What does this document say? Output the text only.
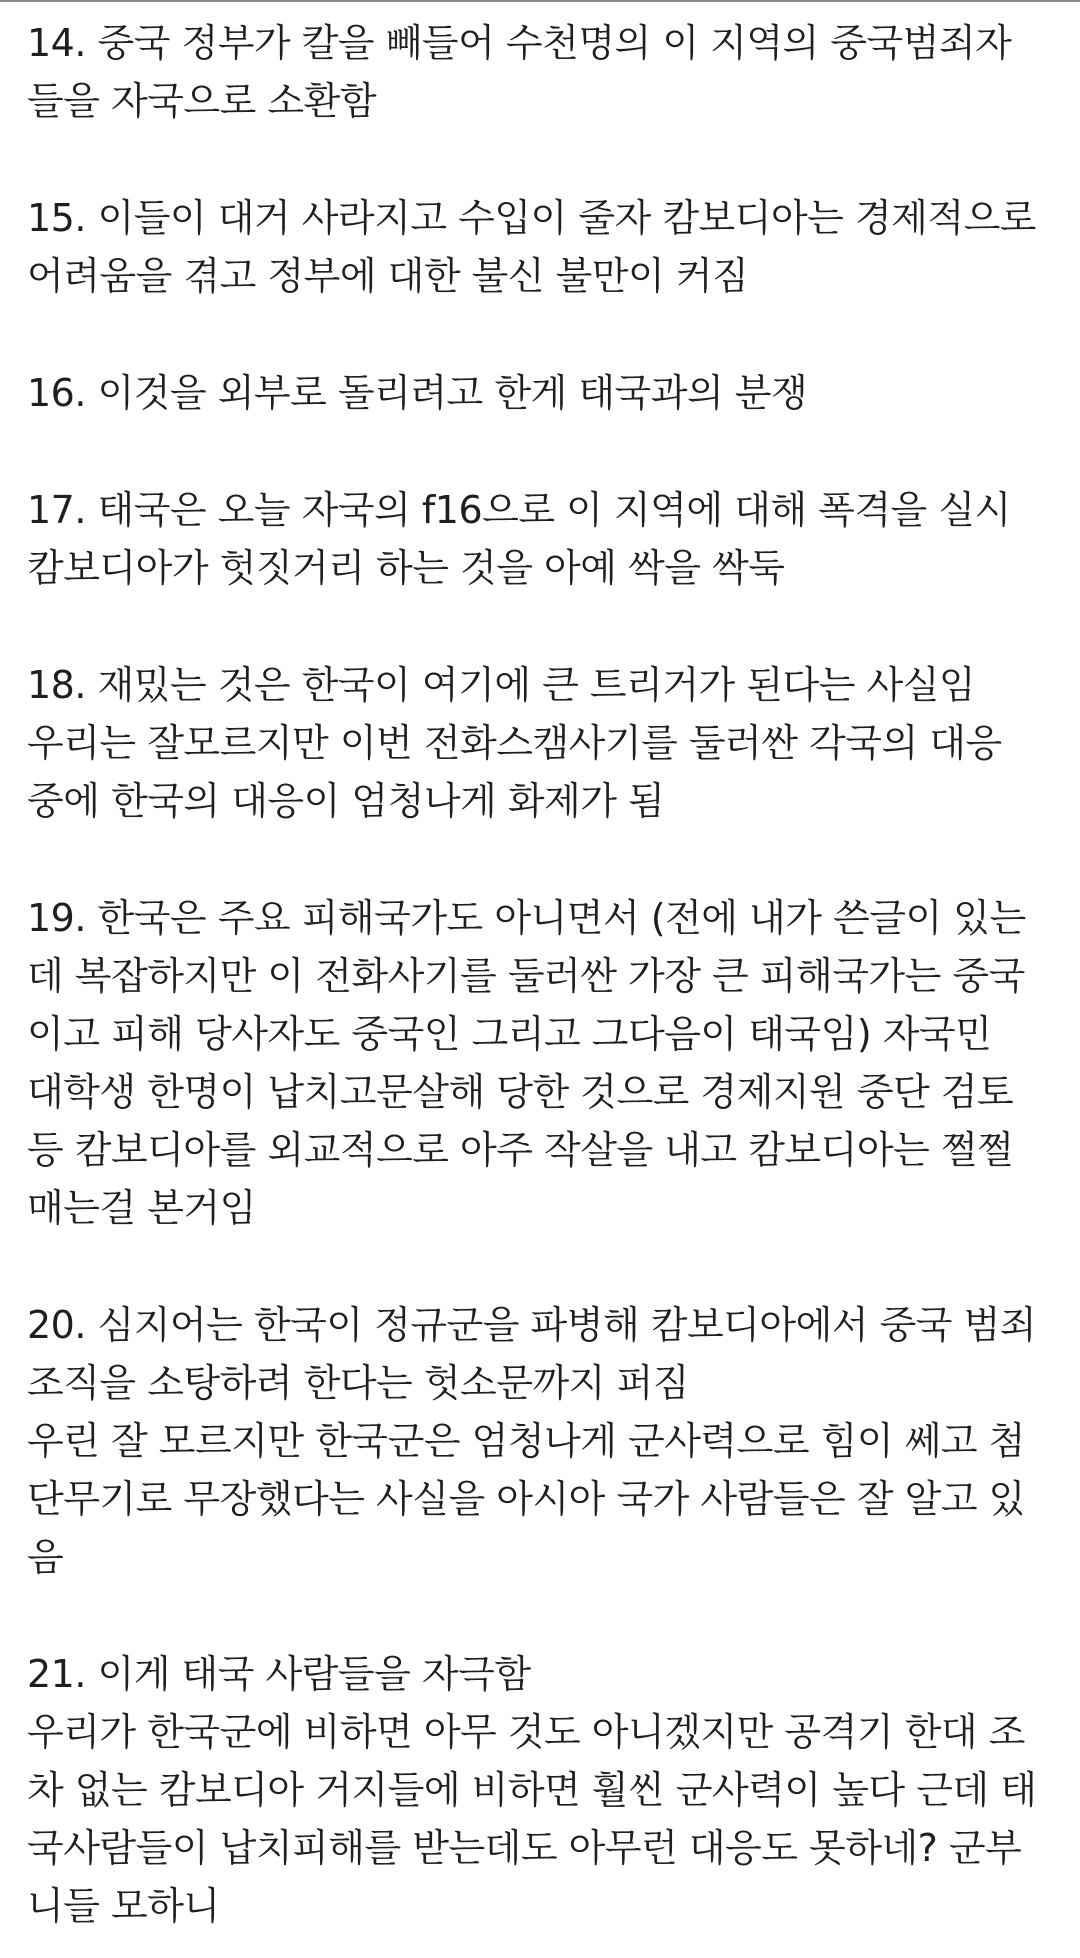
14. 중국 정부가 칼을 빼들어 수천명의 이 지역의 중국범죄자
들을 자국으로 소환함
15. 이들이 대거 사라지고 수입이 줄자 캄보디아는 경제적으로
어려움을 겪고 정부에 대한 불신 불만이 커짐
16. 이것을 외부로 돌리려고 한게 태국과의 분쟁
17. 태국은 오늘 자국의 f16으로 이 지역에 대해 폭격을 실시
캄보디아가 헛짓거리 하는 것을 아예 싹을 싹둑
18. 재밌는 것은 한국이 여기에 큰 트리거가 된다는 사실임
우리는 잘모르지만 이번 전화스캠사기를 둘러싼 각국의 대응
중에 한국의 대응이 엄청나게 화제가 됨
19. 한국은 주요 피해국가도 아니면서 (전에 내가 쓴글이 있는
데 복잡하지만 이 전화사기를 둘러싼 가장 큰 피해국가는 중국
이고 피해 당사자도 중국인 그리고 그다음이 태국임) 자국민
대학생 한명이 납치고문살해 당한 것으로 경제지원 중단 검토
등 캄보디아를 외교적으로 아주 작살을 내고 캄보디아는 쩔쩔
매는걸 본거임
20. 심지어는 한국이 정규군을 파병해 캄보디아에서 중국 범죄
조직을 소탕하려 한다는 헛소문까지 퍼짐
우린 잘 모르지만 한국군은 엄청나게 군사력으로 힘이 쎄고 첨
단무기로 무장했다는 사실을 아시아 국가 사람들은 잘 알고 있
음
21. 이게 태국 사람들을 자극함
우리가 한국군에 비하면 아무 것도 아니겠지만 공격기 한대 조
차 없는 캄보디아 거지들에 비하면 훨씬 군사력이 높다 근데 태
국사람들이 납치피해를 받는데도 아무런 대응도 못하네? 군부
니들 모하니
